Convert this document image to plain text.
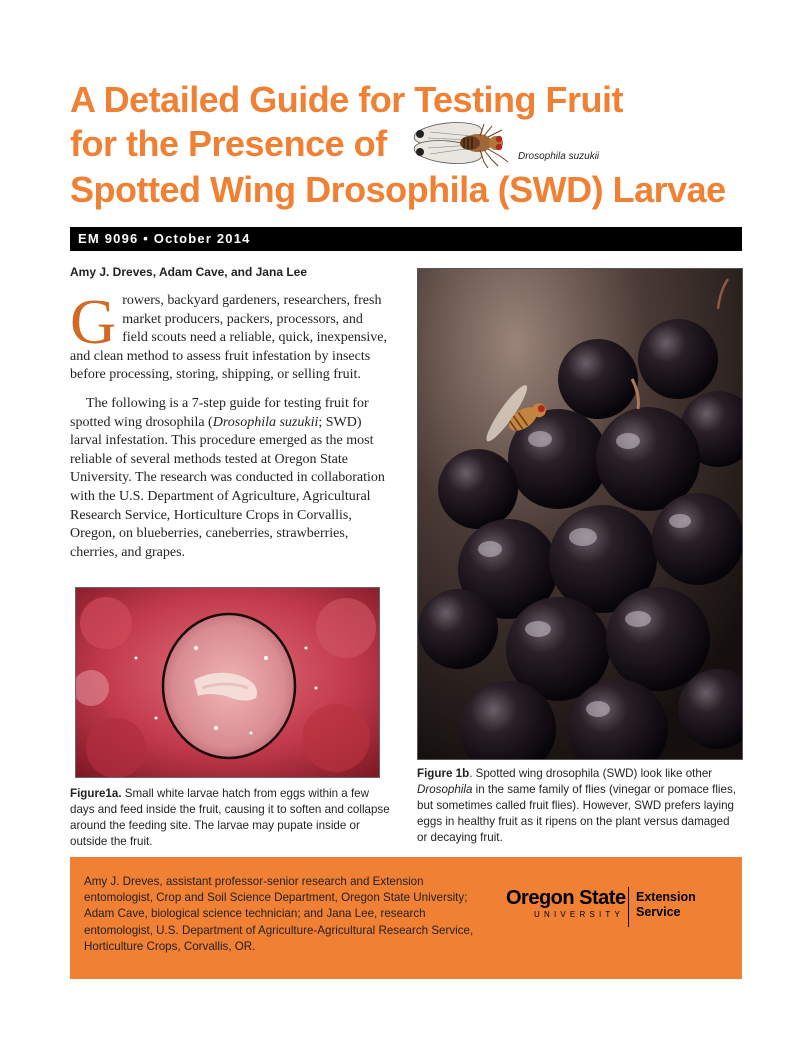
A Detailed Guide for Testing Fruit
for the Presence of
Spotted Wing Drosophila (SWD) Larvae
Drosophila suzukii
EM 9096 • October 2014
Amy J. Dreves, Adam Cave, and Jana Lee

Growers, backyard gardeners, researchers, fresh market producers, packers, processors, and field scouts need a reliable, quick, inexpensive, and clean method to assess fruit infestation by insects before processing, storing, shipping, or selling fruit.

The following is a 7-step guide for testing fruit for spotted wing drosophila (Drosophila suzukii; SWD) larval infestation. This procedure emerged as the most reliable of several methods tested at Oregon State University. The research was conducted in collaboration with the U.S. Department of Agriculture, Agricultural Research Service, Horticulture Crops in Corvallis, Oregon, on blueberries, caneberries, strawberries, cherries, and grapes.

Figure1a. Small white larvae hatch from eggs within a few days and feed inside the fruit, causing it to soften and collapse around the feeding site. The larvae may pupate inside or outside the fruit.
Figure 1b. Spotted wing drosophila (SWD) look like other Drosophila in the same family of flies (vinegar or pomace flies, but sometimes called fruit flies). However, SWD prefers laying eggs in healthy fruit as it ripens on the plant versus damaged or decaying fruit.
Amy J. Dreves, assistant professor-senior research and Extension entomologist, Crop and Soil Science Department, Oregon State University; Adam Cave, biological science technician; and Jana Lee, research entomologist, U.S. Department of Agriculture-Agricultural Research Service, Horticulture Crops, Corvallis, OR.
Oregon State
UNIVERSITY
Extension
Service
